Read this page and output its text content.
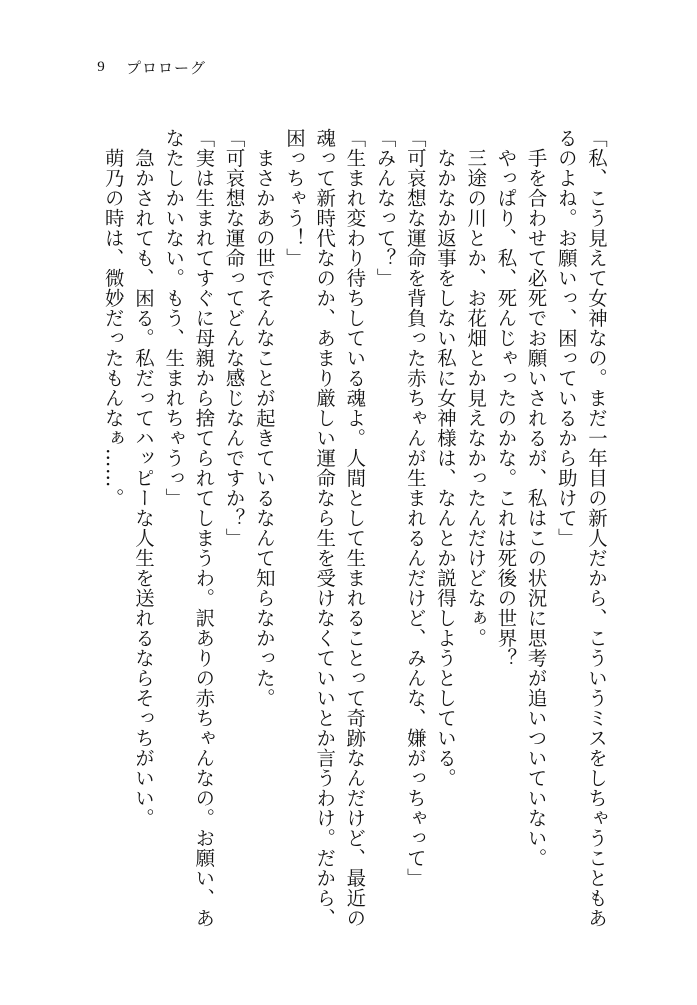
9	プロローグ
「私、こう見えて女神なの。まだ一年目の新人だから、こういうミスをしちゃうこともあ
るのよね。お願いっ、困っているから助けて」
　手を合わせて必死でお願いされるが、私はこの状況に思考が追いついていない。
　やっぱり、私、死んじゃったのかな。これは死後の世界？
　三途の川とか、お花畑とか見えなかったんだけどなぁ。
　なかなか返事をしない私に女神様は、なんとか説得しようとしている。
「可哀想な運命を背負った赤ちゃんが生まれるんだけど、みんな、嫌がっちゃって」
「みんなって？」
「生まれ変わり待ちしている魂よ。人間として生まれることって奇跡なんだけど、最近の
魂って新時代なのか、あまり厳しい運命なら生を受けなくていいとか言うわけ。だから、
困っちゃう！」
　まさかあの世でそんなことが起きているなんて知らなかった。
「可哀想な運命ってどんな感じなんですか？」
「実は生まれてすぐに母親から捨てられてしまうわ。訳ありの赤ちゃんなの。お願い、あ
なたしかいない。もう、生まれちゃうっ」
　急かされても、困る。私だってハッピーな人生を送れるならそっちがいい。
　萌乃の時は、微妙だったもんなぁ……。
